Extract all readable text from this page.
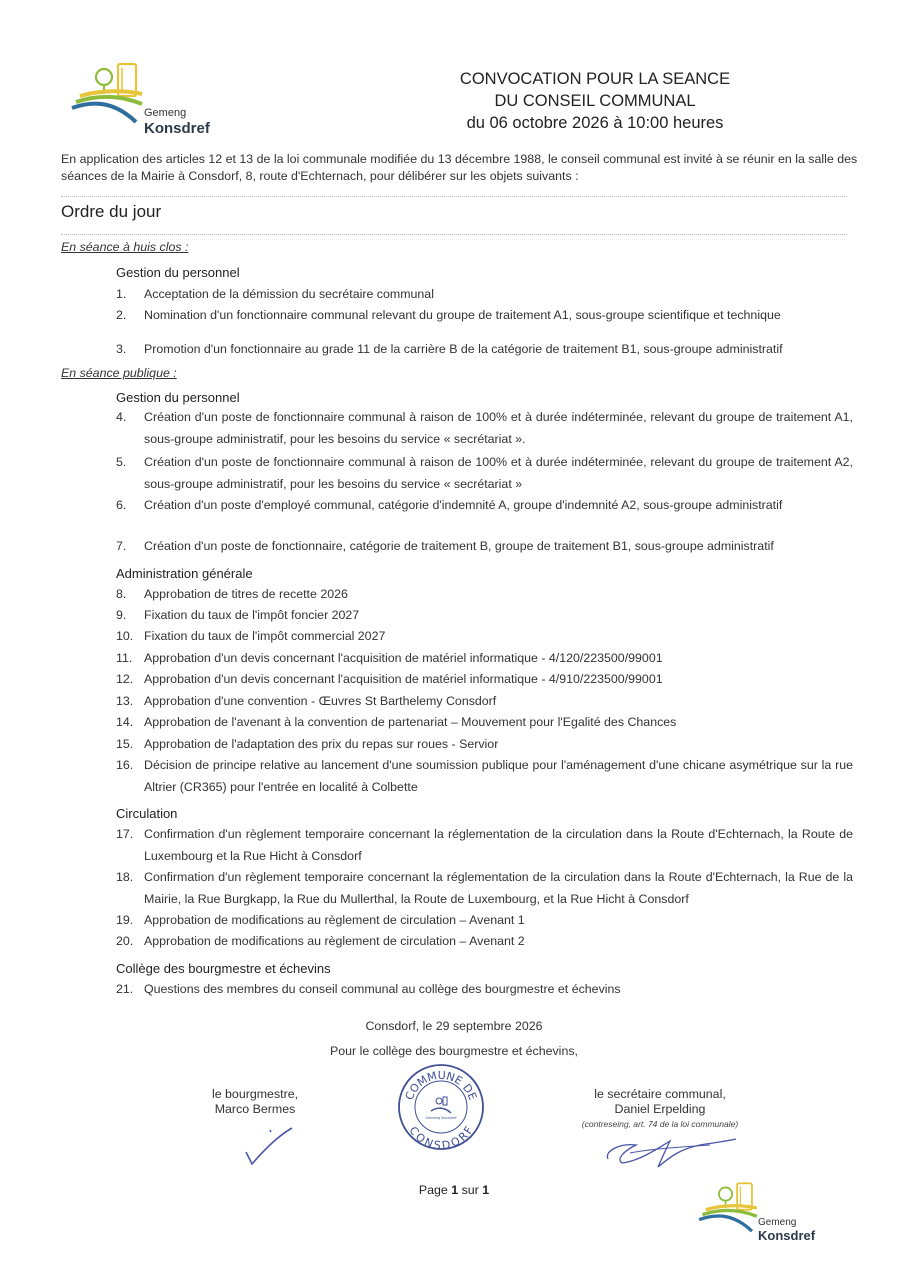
Gemeng
Konsdref
CONVOCATION POUR LA SEANCE
DU CONSEIL COMMUNAL
du 06 octobre 2026 à 10:00 heures
En application des articles 12 et 13 de la loi communale modifiée du 13 décembre 1988, le conseil communal est invité à se réunir en la salle des séances de la Mairie à Consdorf, 8, route d'Echternach, pour délibérer sur les objets suivants :
Ordre du jour
En séance à huis clos :
Gestion du personnel
1.	Acceptation de la démission du secrétaire communal
2.	Nomination d'un fonctionnaire communal relevant du groupe de traitement A1, sous-groupe scientifique et technique
3.	Promotion d'un fonctionnaire au grade 11 de la carrière B de la catégorie de traitement B1, sous-groupe administratif
En séance publique :
Gestion du personnel
4.	Création d'un poste de fonctionnaire communal à raison de 100% et à durée indéterminée, relevant du groupe de traitement A1, sous-groupe administratif, pour les besoins du service « secrétariat ».
5.	Création d'un poste de fonctionnaire communal à raison de 100% et à durée indéterminée, relevant du groupe de traitement A2, sous-groupe administratif, pour les besoins du service « secrétariat »
6.	Création d'un poste d'employé communal, catégorie d'indemnité A, groupe d'indemnité A2, sous-groupe administratif
7.	Création d'un poste de fonctionnaire, catégorie de traitement B, groupe de traitement B1, sous-groupe administratif
Administration générale
8.	Approbation de titres de recette 2026
9.	Fixation du taux de l'impôt foncier 2027
10. Fixation du taux de l'impôt commercial 2027
11. Approbation d'un devis concernant l'acquisition de matériel informatique - 4/120/223500/99001
12. Approbation d'un devis concernant l'acquisition de matériel informatique - 4/910/223500/99001
13. Approbation d'une convention - Œuvres St Barthelemy Consdorf
14. Approbation de l'avenant à la convention de partenariat – Mouvement pour l'Egalité des Chances
15. Approbation de l'adaptation des prix du repas sur roues - Servior
16. Décision de principe relative au lancement d'une soumission publique pour l'aménagement d'une chicane asymétrique sur la rue Altrier (CR365) pour l'entrée en localité à Colbette
Circulation
17. Confirmation d'un règlement temporaire concernant la réglementation de la circulation dans la Route d'Echternach, la Route de Luxembourg et la Rue Hicht à Consdorf
18. Confirmation d'un règlement temporaire concernant la réglementation de la circulation dans la Route d'Echternach, la Rue de la Mairie, la Rue Burgkapp, la Rue du Mullerthal, la Route de Luxembourg, et la Rue Hicht à Consdorf
19. Approbation de modifications au règlement de circulation – Avenant 1
20. Approbation de modifications au règlement de circulation – Avenant 2
Collège des bourgmestre et échevins
21. Questions des membres du conseil communal au collège des bourgmestre et échevins
Consdorf, le 29 septembre 2026
Pour le collège des bourgmestre et échevins,
le bourgmestre,
Marco Bermes
COMMUNE DE
CONSDORF
Gemeng Konsdref
le secrétaire communal,
Daniel Erpelding
(contreseing, art. 74 de la loi communale)
Page 1 sur 1
Gemeng
Konsdref
